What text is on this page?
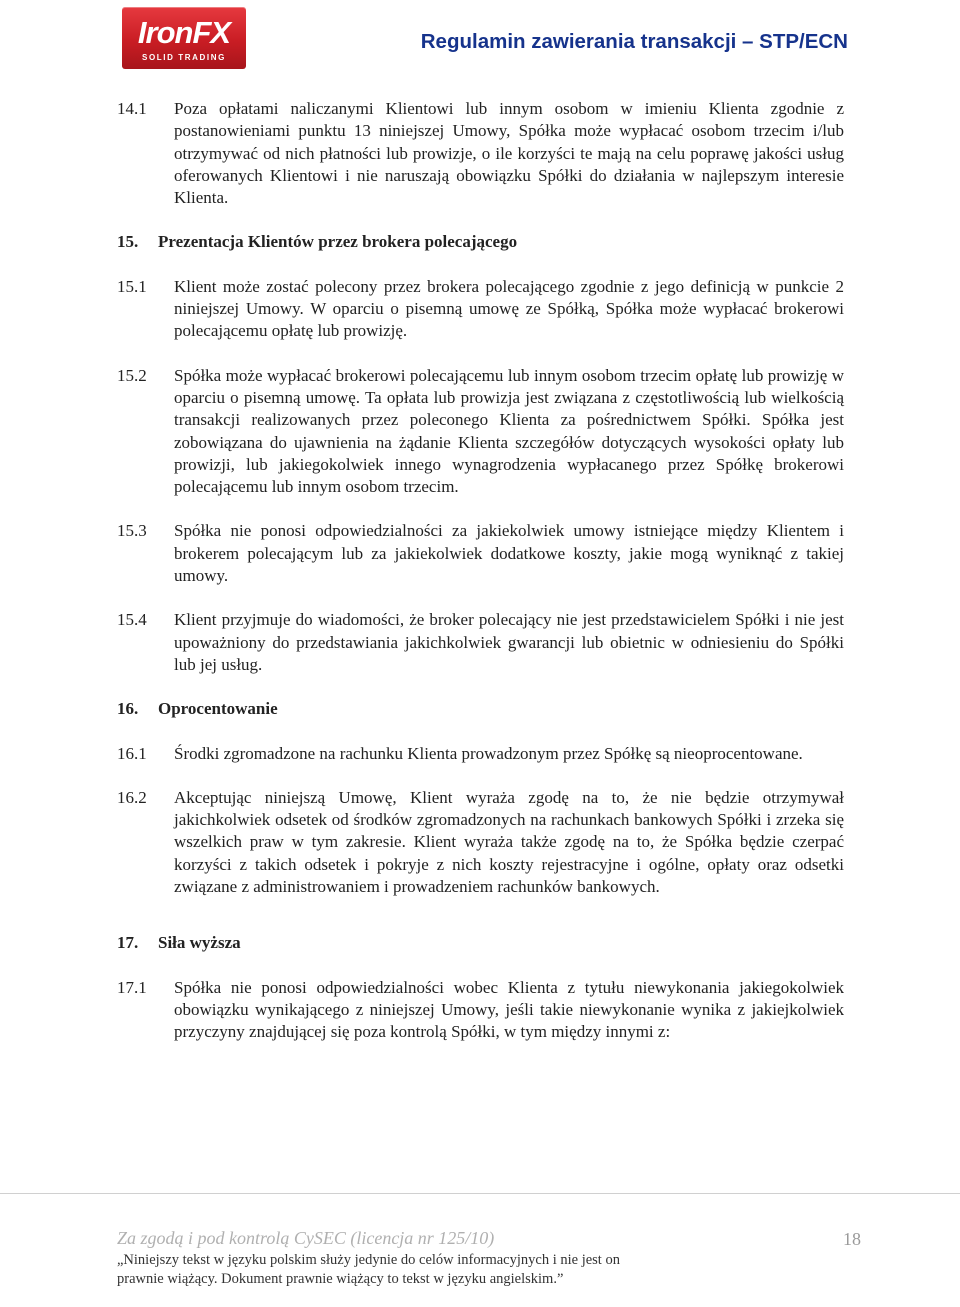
IronFX
SOLID TRADING
Regulamin zawierania transakcji – STP/ECN
14.1	Poza opłatami naliczanymi Klientowi lub innym osobom w imieniu Klienta zgodnie z postanowieniami punktu 13 niniejszej Umowy, Spółka może wypłacać osobom trzecim i/lub otrzymywać od nich płatności lub prowizje, o ile korzyści te mają na celu poprawę jakości usług oferowanych Klientowi i nie naruszają obowiązku Spółki do działania w najlepszym interesie Klienta.
15.	Prezentacja Klientów przez brokera polecającego
15.1	Klient może zostać polecony przez brokera polecającego zgodnie z jego definicją w punkcie 2 niniejszej Umowy. W oparciu o pisemną umowę ze Spółką, Spółka może wypłacać brokerowi polecającemu opłatę lub prowizję.
15.2	Spółka może wypłacać brokerowi polecającemu lub innym osobom trzecim opłatę lub prowizję w oparciu o pisemną umowę. Ta opłata lub prowizja jest związana z częstotliwością lub wielkością transakcji realizowanych przez poleconego Klienta za pośrednictwem Spółki. Spółka jest zobowiązana do ujawnienia na żądanie Klienta szczegółów dotyczących wysokości opłaty lub prowizji, lub jakiegokolwiek innego wynagrodzenia wypłacanego przez Spółkę brokerowi polecającemu lub innym osobom trzecim.
15.3	Spółka nie ponosi odpowiedzialności za jakiekolwiek umowy istniejące między Klientem i brokerem polecającym lub za jakiekolwiek dodatkowe koszty, jakie mogą wyniknąć z takiej umowy.
15.4	Klient przyjmuje do wiadomości, że broker polecający nie jest przedstawicielem Spółki i nie jest upoważniony do przedstawiania jakichkolwiek gwarancji lub obietnic w odniesieniu do Spółki lub jej usług.
16.	Oprocentowanie
16.1	Środki zgromadzone na rachunku Klienta prowadzonym przez Spółkę są nieoprocentowane.
16.2	Akceptując niniejszą Umowę, Klient wyraża zgodę na to, że nie będzie otrzymywał jakichkolwiek odsetek od środków zgromadzonych na rachunkach bankowych Spółki i zrzeka się wszelkich praw w tym zakresie. Klient wyraża także zgodę na to, że Spółka będzie czerpać korzyści z takich odsetek i pokryje z nich koszty rejestracyjne i ogólne, opłaty oraz odsetki związane z administrowaniem i prowadzeniem rachunków bankowych.
17.	Siła wyższa
17.1	Spółka nie ponosi odpowiedzialności wobec Klienta z tytułu niewykonania jakiegokolwiek obowiązku wynikającego z niniejszej Umowy, jeśli takie niewykonanie wynika z jakiejkolwiek przyczyny znajdującej się poza kontrolą Spółki, w tym między innymi z:
Za zgodą i pod kontrolą CySEC (licencja nr 125/10)
„Niniejszy tekst w języku polskim służy jedynie do celów informacyjnych i nie jest on prawnie wiążący. Dokument prawnie wiążący to tekst w języku angielskim.”
18
